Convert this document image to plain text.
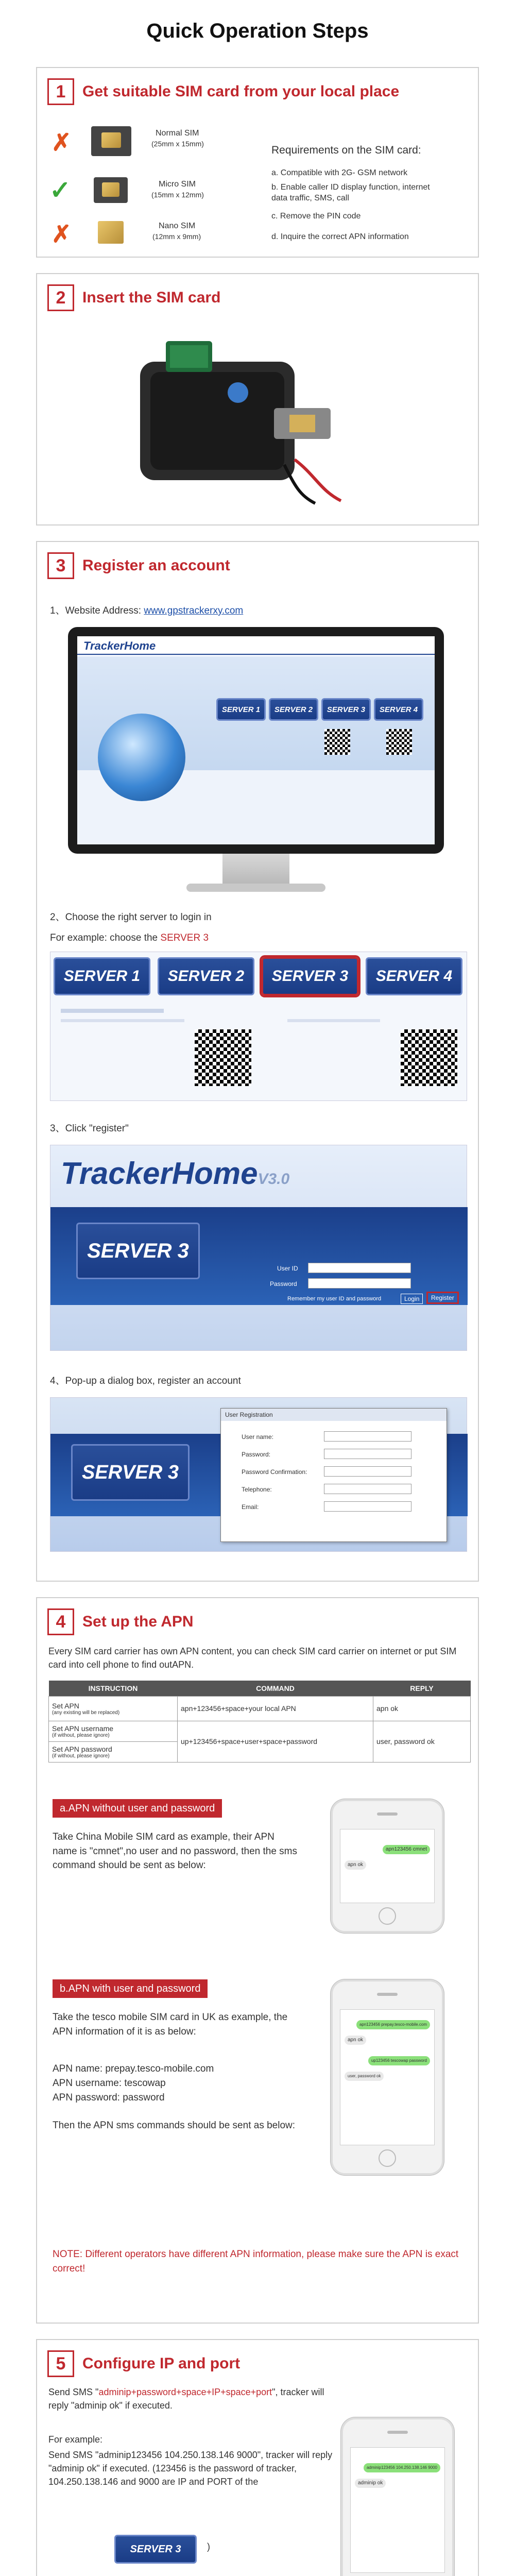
Quick Operation Steps
1	Get suitable SIM card from your local place
✗	Normal SIM
(25mm x 15mm)
✓	Micro SIM
(15mm x 12mm)
✗	Nano SIM
(12mm x 9mm)
Requirements on the SIM card:
a. Compatible with 2G- GSM network
b. Enable caller ID display function, internet data traffic, SMS, call
c. Remove the PIN code
d. Inquire the correct APN information
2	Insert the SIM card
3	Register an account
1、Website Address: www.gpstrackerxy.com
TrackerHome
SERVER 1	SERVER 2	SERVER 3	SERVER 4
2、Choose the right server to login in
For example: choose the SERVER 3
SERVER 1	SERVER 2	SERVER 3	SERVER 4
3、Click "register"
TrackerHomeV3.0
SERVER 3
User ID
Password
Remember my user ID and password	Login	Register
4、Pop-up a dialog box, register an account
SERVER 3
User Registration
User name:
Password:
Password Confirmation:
Telephone:
Email:
4	Set up the APN
Every SIM card carrier has own APN content, you can check SIM card carrier on internet or put SIM card into cell phone to find outAPN.
INSTRUCTION	COMMAND	REPLY

Set APN
(any existing will be replaced)	apn+123456+space+your local APN	apn ok

Set APN username
(if without, please ignore)	up+123456+space+user+space+password	user, password ok

Set APN password
(if without, please ignore)		
a.APN without user and password
Take China Mobile SIM card as example, their APN name is "cmnet",no user and no password, then the sms command should be sent as below:
apn123456 cmnet
apn ok
b.APN with user and password
Take the tesco mobile SIM card in UK as example, the APN information of it is as below:
APN name: prepay.tesco-mobile.com
APN username: tescowap
APN password: password
Then the APN sms commands should be sent as below:
apn123456 prepay.tesco-mobile.com
apn ok
up123456 tescowap password
user, password ok
NOTE: Different operators have different APN information, please make sure the APN is exact correct!
5	Configure IP and port
Send SMS "adminip+password+space+IP+space+port", tracker will reply "adminip ok" if executed.
For example:
Send SMS "adminip123456 104.250.138.146 9000", tracker will reply "adminip ok" if executed. (123456 is the password of tracker, 104.250.138.146 and 9000 are IP and PORT of the
SERVER 3	)
adminip123456 104.250.138.146 9000
adminip ok
